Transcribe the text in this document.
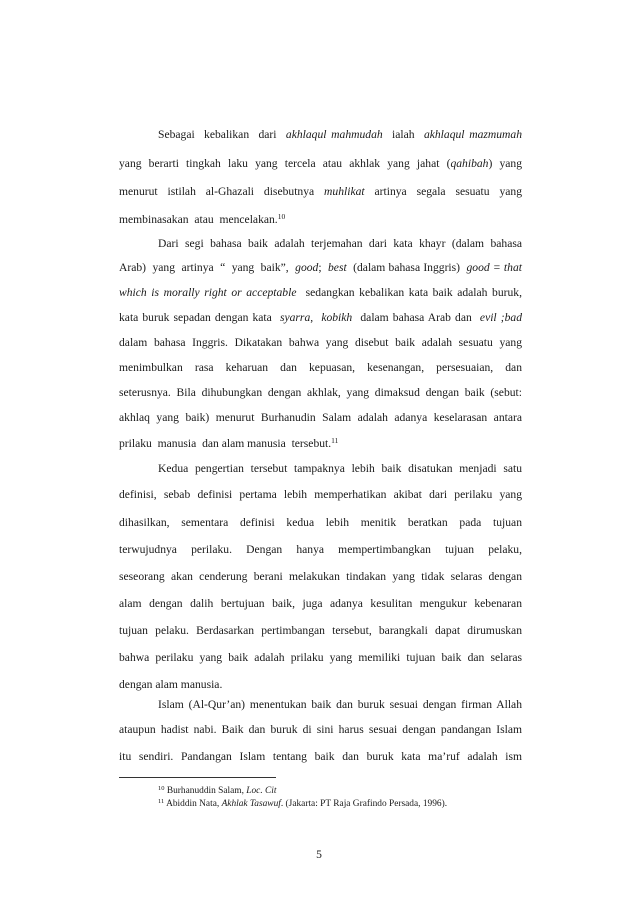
Sebagai  kebalikan  dari  akhlaqul mahmudah  ialah  akhlaqul mazmumah
yang  berarti  tingkah  laku  yang  tercela  atau  akhlak  yang  jahat  (qahibah)  yang
menurut   istilah   al-Ghazali   disebutnya   muhlikat   artinya   segala   sesuatu   yang
membinasakan  atau  mencelakan.$^{10}$
Dari segi bahasa baik adalah terjemahan dari kata khayr (dalam bahasa
Arab)  yang  artinya  “  yang  baik”,  good;  best  (dalam bahasa Inggris)  good = that
which is morally right or acceptable  sedangkan kebalikan kata baik adalah buruk,
kata buruk sepadan dengan kata  syarra,  kobikh  dalam bahasa Arab dan  evil ;bad
dalam bahasa Inggris. Dikatakan bahwa yang disebut baik adalah sesuatu yang
menimbulkan rasa keharuan dan kepuasan, kesenangan, persesuaian, dan
seterusnya. Bila dihubungkan dengan akhlak, yang dimaksud dengan baik (sebut:
akhlaq yang baik) menurut Burhanudin Salam adalah adanya keselarasan antara
prilaku  manusia  dan alam manusia  tersebut.$^{11}$
Kedua pengertian tersebut tampaknya lebih baik disatukan menjadi satu
definisi, sebab definisi pertama lebih memperhatikan akibat dari perilaku yang
dihasilkan, sementara definisi kedua lebih menitik beratkan pada tujuan
terwujudnya perilaku. Dengan hanya mempertimbangkan tujuan pelaku,
seseorang akan cenderung berani melakukan tindakan yang tidak selaras dengan
alam dengan dalih bertujuan baik, juga adanya kesulitan mengukur kebenaran
tujuan pelaku. Berdasarkan pertimbangan tersebut, barangkali dapat dirumuskan
bahwa perilaku yang baik adalah prilaku yang memiliki tujuan baik dan selaras
dengan alam manusia.
Islam (Al-Qur’an) menentukan baik dan buruk sesuai dengan firman Allah
ataupun hadist nabi. Baik dan buruk di sini harus sesuai dengan pandangan Islam
itu sendiri. Pandangan Islam tentang baik dan buruk kata ma’ruf adalah ism
$^{10}$ Burhanuddin Salam, Loc. Cit
$^{11}$ Abiddin Nata, Akhlak Tasawuf. (Jakarta: PT Raja Grafindo Persada, 1996).
5
